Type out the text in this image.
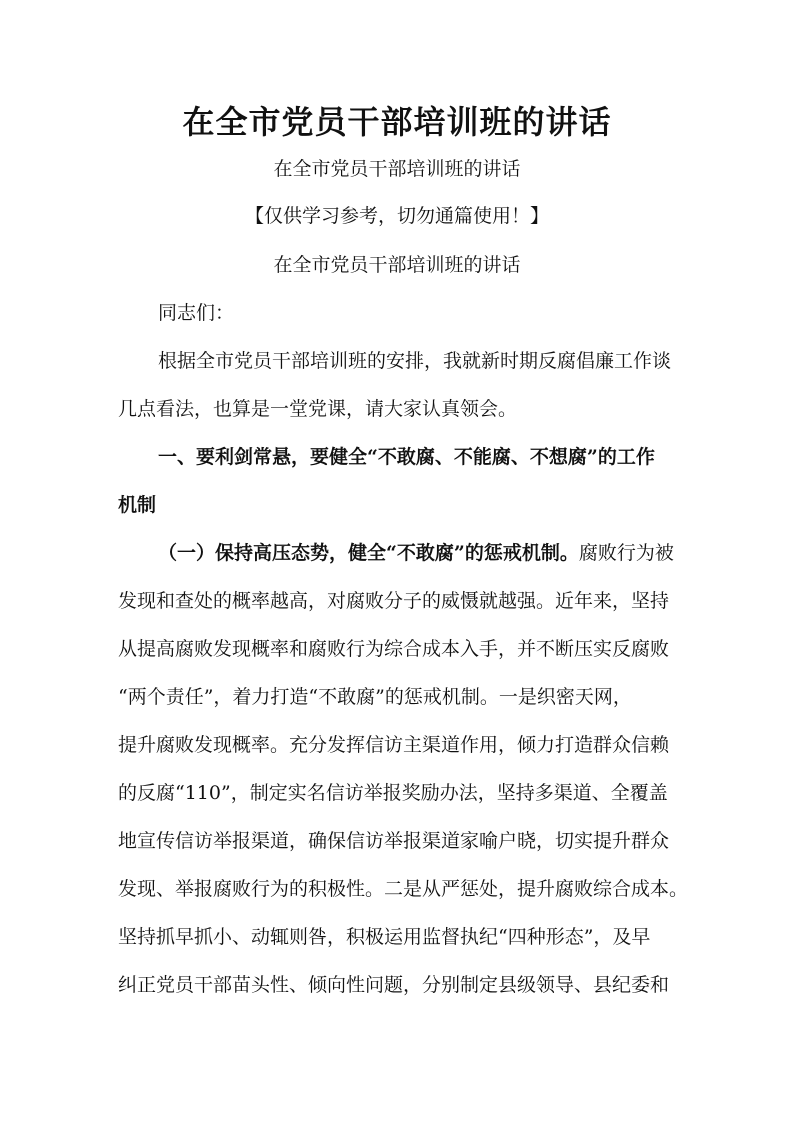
在全市党员干部培训班的讲话
在全市党员干部培训班的讲话
【仅供学习参考，切勿通篇使用！】
在全市党员干部培训班的讲话
同志们：
根据全市党员干部培训班的安排，我就新时期反腐倡廉工作谈
几点看法，也算是一堂党课，请大家认真领会。
一、要利剑常悬，要健全“不敢腐、不能腐、不想腐”的工作
机制
（一）保持高压态势，健全“不敢腐”的惩戒机制。腐败行为被
发现和查处的概率越高，对腐败分子的威慑就越强。近年来，坚持
从提高腐败发现概率和腐败行为综合成本入手，并不断压实反腐败
“两个责任”，着力打造“不敢腐”的惩戒机制。一是织密天网，
提升腐败发现概率。充分发挥信访主渠道作用，倾力打造群众信赖
的反腐“110”，制定实名信访举报奖励办法，坚持多渠道、全覆盖
地宣传信访举报渠道，确保信访举报渠道家喻户晓，切实提升群众
发现、举报腐败行为的积极性。二是从严惩处，提升腐败综合成本。
坚持抓早抓小、动辄则咎，积极运用监督执纪“四种形态”，及早
纠正党员干部苗头性、倾向性问题，分别制定县级领导、县纪委和
